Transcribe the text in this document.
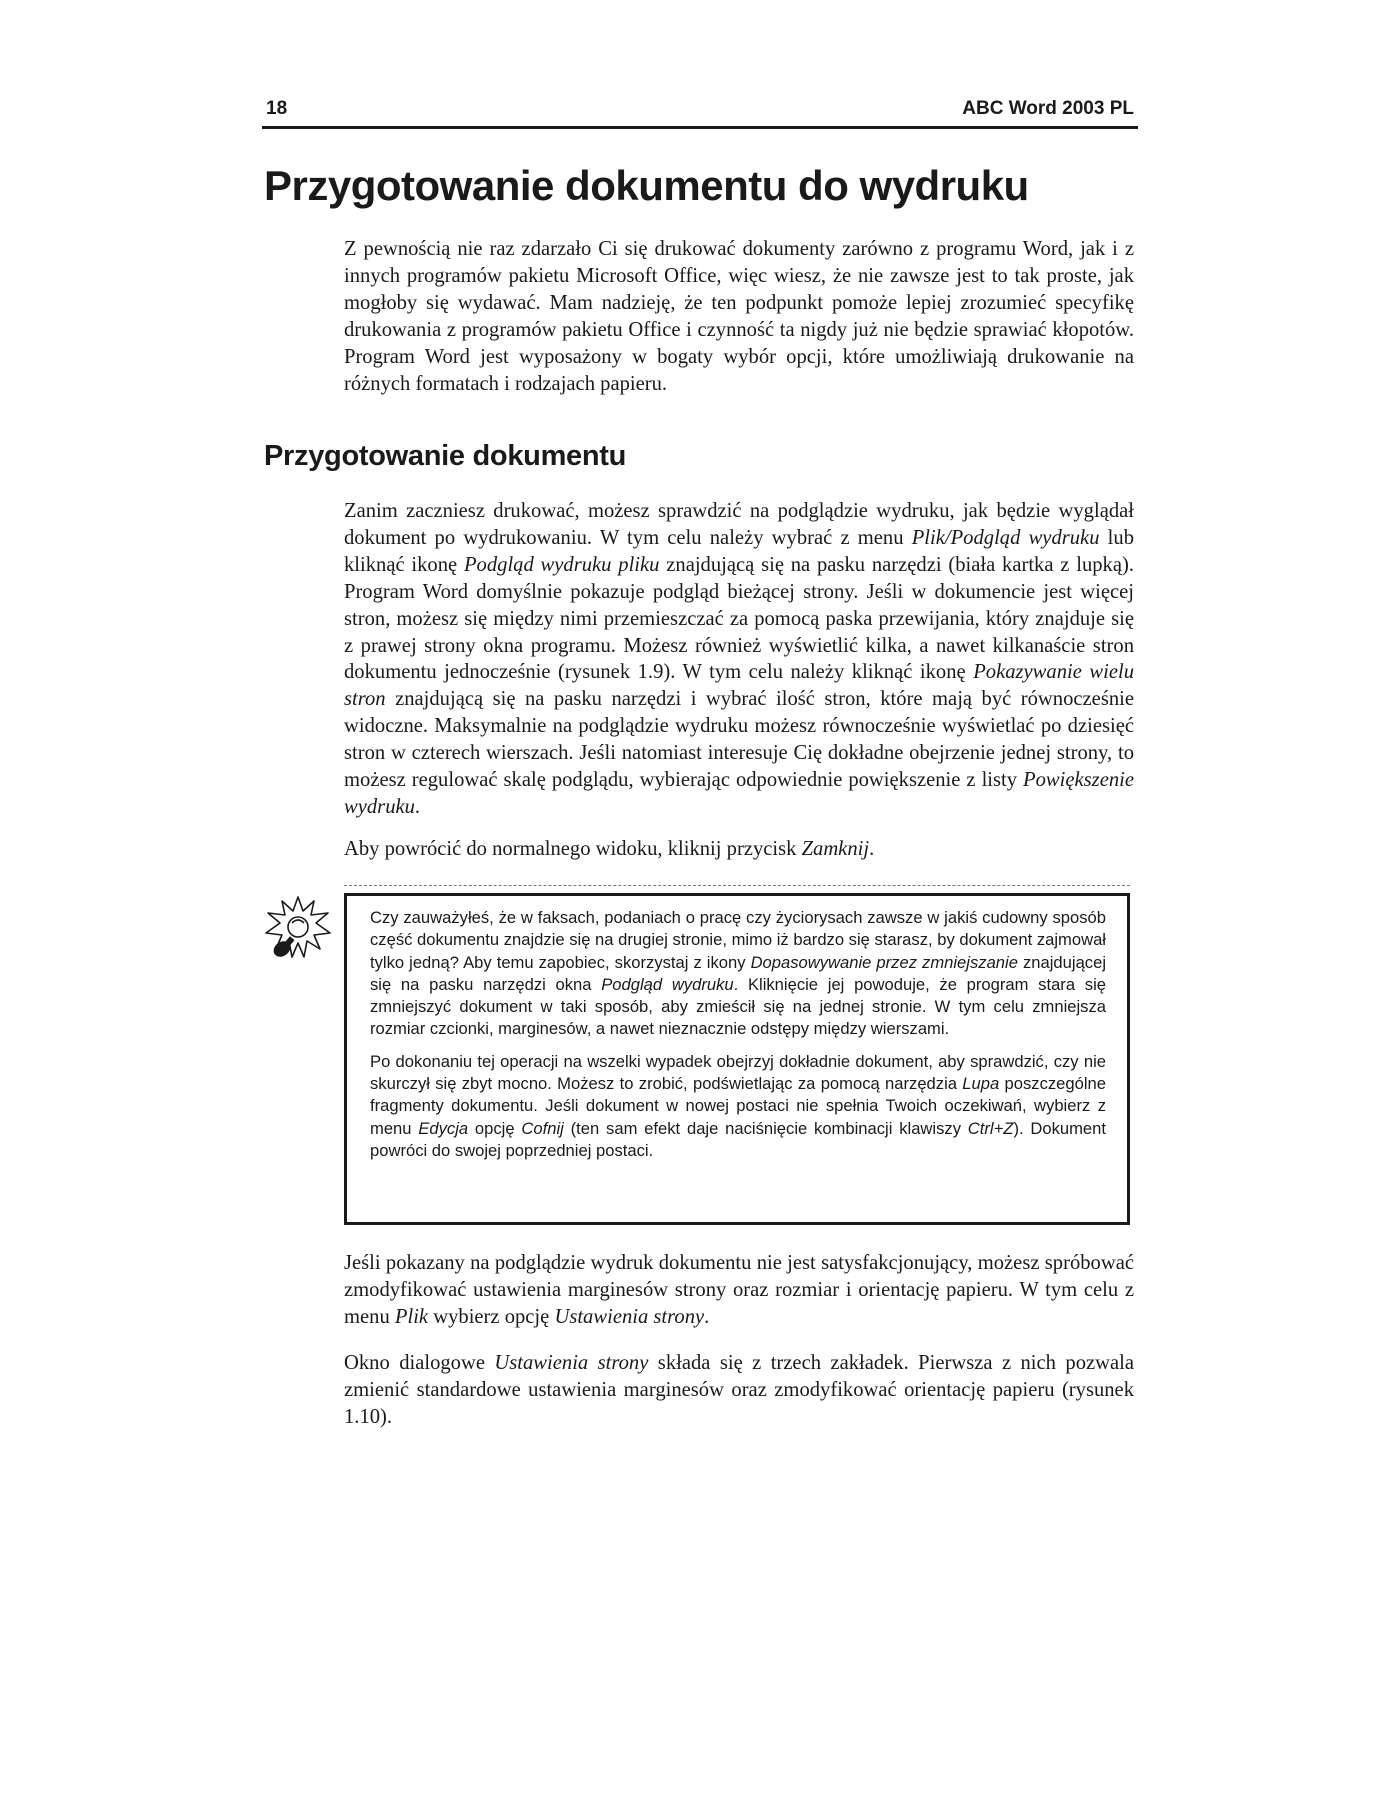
18	ABC Word 2003 PL
Przygotowanie dokumentu do wydruku

Z pewnością nie raz zdarzało Ci się drukować dokumenty zarówno z programu Word, jak i z innych programów pakietu Microsoft Office, więc wiesz, że nie zawsze jest to tak proste, jak mogłoby się wydawać. Mam nadzieję, że ten podpunkt pomoże lepiej zrozumieć specyfikę drukowania z programów pakietu Office i czynność ta nigdy już nie będzie sprawiać kłopotów. Program Word jest wyposażony w bogaty wybór opcji, które umożliwiają drukowanie na różnych formatach i rodzajach papieru.

Przygotowanie dokumentu

Zanim zaczniesz drukować, możesz sprawdzić na podglądzie wydruku, jak będzie wyglądał dokument po wydrukowaniu. W tym celu należy wybrać z menu Plik/Podgląd wydruku lub kliknąć ikonę Podgląd wydruku pliku znajdującą się na pasku narzędzi (biała kartka z lupką). Program Word domyślnie pokazuje podgląd bieżącej strony. Jeśli w dokumencie jest więcej stron, możesz się między nimi przemieszczać za pomocą paska przewijania, który znajduje się z prawej strony okna programu. Możesz również wyświetlić kilka, a nawet kilkanaście stron dokumentu jednocześnie (rysunek 1.9). W tym celu należy kliknąć ikonę Pokazywanie wielu stron znajdującą się na pasku narzędzi i wybrać ilość stron, które mają być równocześnie widoczne. Maksymalnie na podglądzie wydruku możesz równocześnie wyświetlać po dziesięć stron w czterech wierszach. Jeśli natomiast interesuje Cię dokładne obejrzenie jednej strony, to możesz regulować skalę podglądu, wybierając odpowiednie powiększenie z listy Powiększenie wydruku.

Aby powrócić do normalnego widoku, kliknij przycisk Zamknij.

Czy zauważyłeś, że w faksach, podaniach o pracę czy życiorysach zawsze w jakiś cudowny sposób część dokumentu znajdzie się na drugiej stronie, mimo iż bardzo się starasz, by dokument zajmował tylko jedną? Aby temu zapobiec, skorzystaj z ikony Dopasowywanie przez zmniejszanie znajdującej się na pasku narzędzi okna Podgląd wydruku. Kliknięcie jej powoduje, że program stara się zmniejszyć dokument w taki sposób, aby zmieścił się na jednej stronie. W tym celu zmniejsza rozmiar czcionki, marginesów, a nawet nieznacznie odstępy między wierszami.

Po dokonaniu tej operacji na wszelki wypadek obejrzyj dokładnie dokument, aby sprawdzić, czy nie skurczył się zbyt mocno. Możesz to zrobić, podświetlając za pomocą narzędzia Lupa poszczególne fragmenty dokumentu. Jeśli dokument w nowej postaci nie spełnia Twoich oczekiwań, wybierz z menu Edycja opcję Cofnij (ten sam efekt daje naciśnięcie kombinacji klawiszy Ctrl+Z). Dokument powróci do swojej poprzedniej postaci.

Jeśli pokazany na podglądzie wydruk dokumentu nie jest satysfakcjonujący, możesz spróbować zmodyfikować ustawienia marginesów strony oraz rozmiar i orientację papieru. W tym celu z menu Plik wybierz opcję Ustawienia strony.

Okno dialogowe Ustawienia strony składa się z trzech zakładek. Pierwsza z nich pozwala zmienić standardowe ustawienia marginesów oraz zmodyfikować orientację papieru (rysunek 1.10).
